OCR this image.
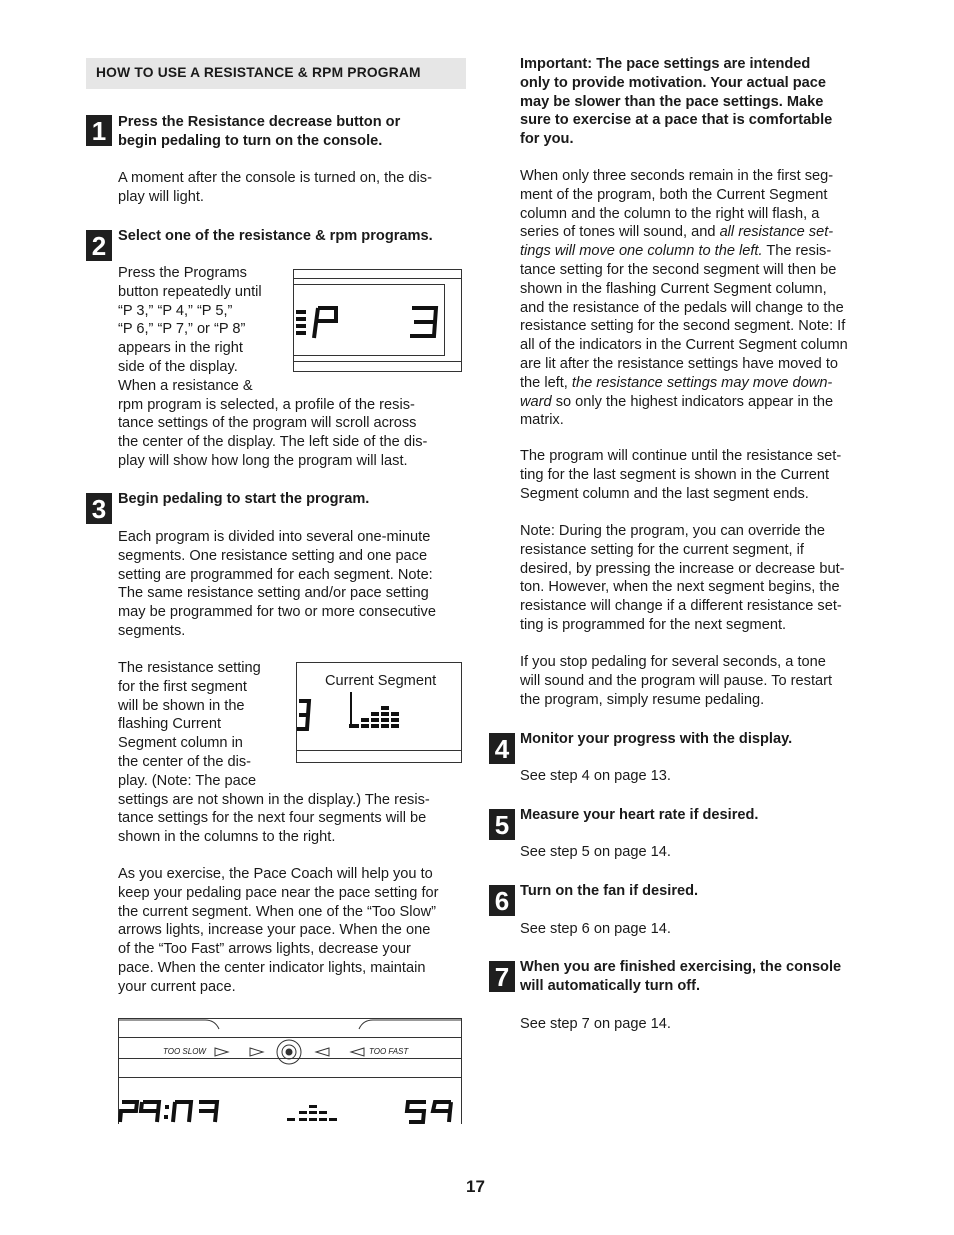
HOW TO USE A RESISTANCE & RPM PROGRAM
1 Press the Resistance decrease button or
begin pedaling to turn on the console.
A moment after the console is turned on, the dis-
play will light.
2 Select one of the resistance & rpm programs.
Press the Programs
button repeatedly until
“P 3,” “P 4,” “P 5,”
“P 6,” “P 7,” or “P 8”
appears in the right
side of the display.
When a resistance &
rpm program is selected, a profile of the resis-
tance settings of the program will scroll across
the center of the display. The left side of the dis-
play will show how long the program will last.
3 Begin pedaling to start the program.
Each program is divided into several one-minute
segments. One resistance setting and one pace
setting are programmed for each segment. Note:
The same resistance setting and/or pace setting
may be programmed for two or more consecutive
segments.
The resistance setting
for the first segment
will be shown in the
flashing Current
Segment column in
the center of the dis-
play. (Note: The pace
settings are not shown in the display.) The resis-
tance settings for the next four segments will be
shown in the columns to the right.
Current Segment
As you exercise, the Pace Coach will help you to
keep your pedaling pace near the pace setting for
the current segment. When one of the “Too Slow”
arrows lights, increase your pace. When the one
of the “Too Fast” arrows lights, decrease your
pace. When the center indicator lights, maintain
your current pace.
TOO SLOW	TOO FAST
Important: The pace settings are intended
only to provide motivation. Your actual pace
may be slower than the pace settings. Make
sure to exercise at a pace that is comfortable
for you.
When only three seconds remain in the first seg-
ment of the program, both the Current Segment
column and the column to the right will flash, a
series of tones will sound, and all resistance set-
tings will move one column to the left. The resis-
tance setting for the second segment will then be
shown in the flashing Current Segment column,
and the resistance of the pedals will change to the
resistance setting for the second segment. Note: If
all of the indicators in the Current Segment column
are lit after the resistance settings have moved to
the left, the resistance settings may move down-
ward so only the highest indicators appear in the
matrix.
The program will continue until the resistance set-
ting for the last segment is shown in the Current
Segment column and the last segment ends.
Note: During the program, you can override the
resistance setting for the current segment, if
desired, by pressing the increase or decrease but-
ton. However, when the next segment begins, the
resistance will change if a different resistance set-
ting is programmed for the next segment.
If you stop pedaling for several seconds, a tone
will sound and the program will pause. To restart
the program, simply resume pedaling.
4 Monitor your progress with the display.
See step 4 on page 13.
5 Measure your heart rate if desired.
See step 5 on page 14.
6 Turn on the fan if desired.
See step 6 on page 14.
7 When you are finished exercising, the console
will automatically turn off.
See step 7 on page 14.
17
